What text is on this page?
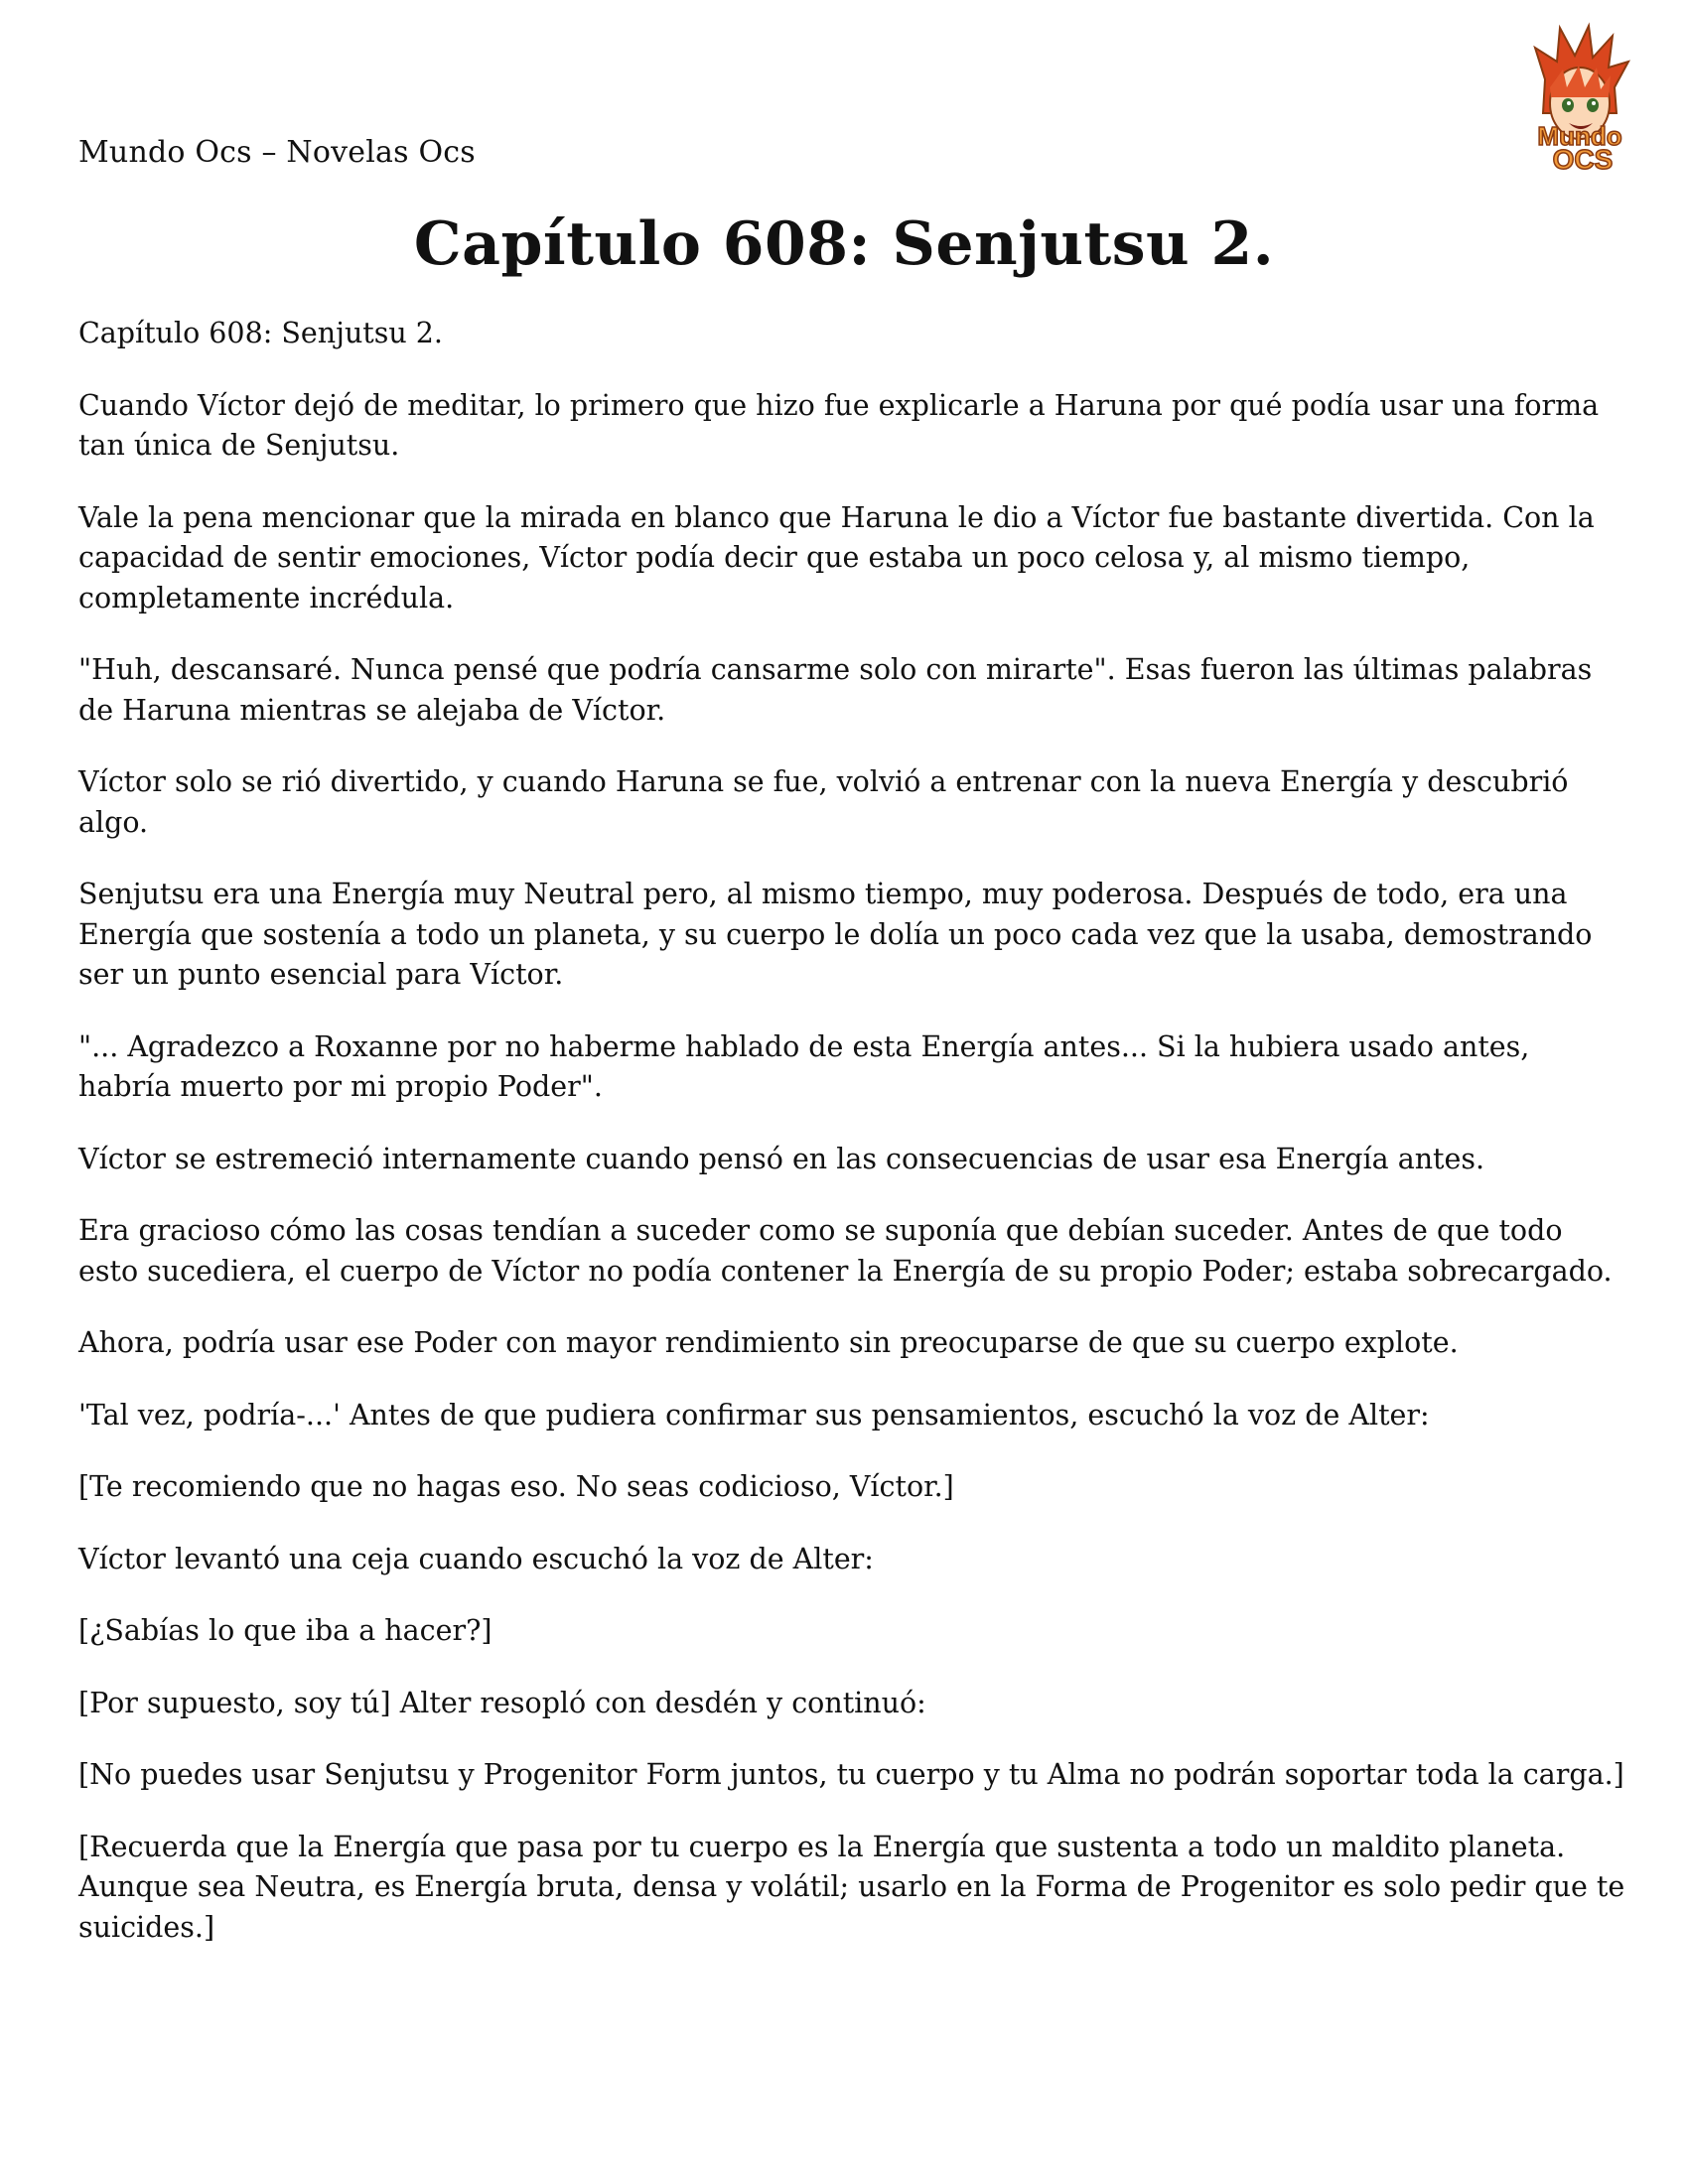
Mundo Ocs – Novelas Ocs	Mundo
OCS
Capítulo 608: Senjutsu 2.

Capítulo 608: Senjutsu 2.

Cuando Víctor dejó de meditar, lo primero que hizo fue explicarle a Haruna por qué podía usar una forma tan única de Senjutsu.

Vale la pena mencionar que la mirada en blanco que Haruna le dio a Víctor fue bastante divertida. Con la capacidad de sentir emociones, Víctor podía decir que estaba un poco celosa y, al mismo tiempo, completamente incrédula.

"Huh, descansaré. Nunca pensé que podría cansarme solo con mirarte". Esas fueron las últimas palabras de Haruna mientras se alejaba de Víctor.

Víctor solo se rió divertido, y cuando Haruna se fue, volvió a entrenar con la nueva Energía y descubrió algo.

Senjutsu era una Energía muy Neutral pero, al mismo tiempo, muy poderosa. Después de todo, era una Energía que sostenía a todo un planeta, y su cuerpo le dolía un poco cada vez que la usaba, demostrando ser un punto esencial para Víctor.

"... Agradezco a Roxanne por no haberme hablado de esta Energía antes... Si la hubiera usado antes, habría muerto por mi propio Poder".

Víctor se estremeció internamente cuando pensó en las consecuencias de usar esa Energía antes.

Era gracioso cómo las cosas tendían a suceder como se suponía que debían suceder. Antes de que todo esto sucediera, el cuerpo de Víctor no podía contener la Energía de su propio Poder; estaba sobrecargado.

Ahora, podría usar ese Poder con mayor rendimiento sin preocuparse de que su cuerpo explote.

'Tal vez, podría-...' Antes de que pudiera confirmar sus pensamientos, escuchó la voz de Alter:

[Te recomiendo que no hagas eso. No seas codicioso, Víctor.]

Víctor levantó una ceja cuando escuchó la voz de Alter:

[¿Sabías lo que iba a hacer?]

[Por supuesto, soy tú] Alter resopló con desdén y continuó:

[No puedes usar Senjutsu y Progenitor Form juntos, tu cuerpo y tu Alma no podrán soportar toda la carga.]

[Recuerda que la Energía que pasa por tu cuerpo es la Energía que sustenta a todo un maldito planeta. Aunque sea Neutra, es Energía bruta, densa y volátil; usarlo en la Forma de Progenitor es solo pedir que te suicides.]
